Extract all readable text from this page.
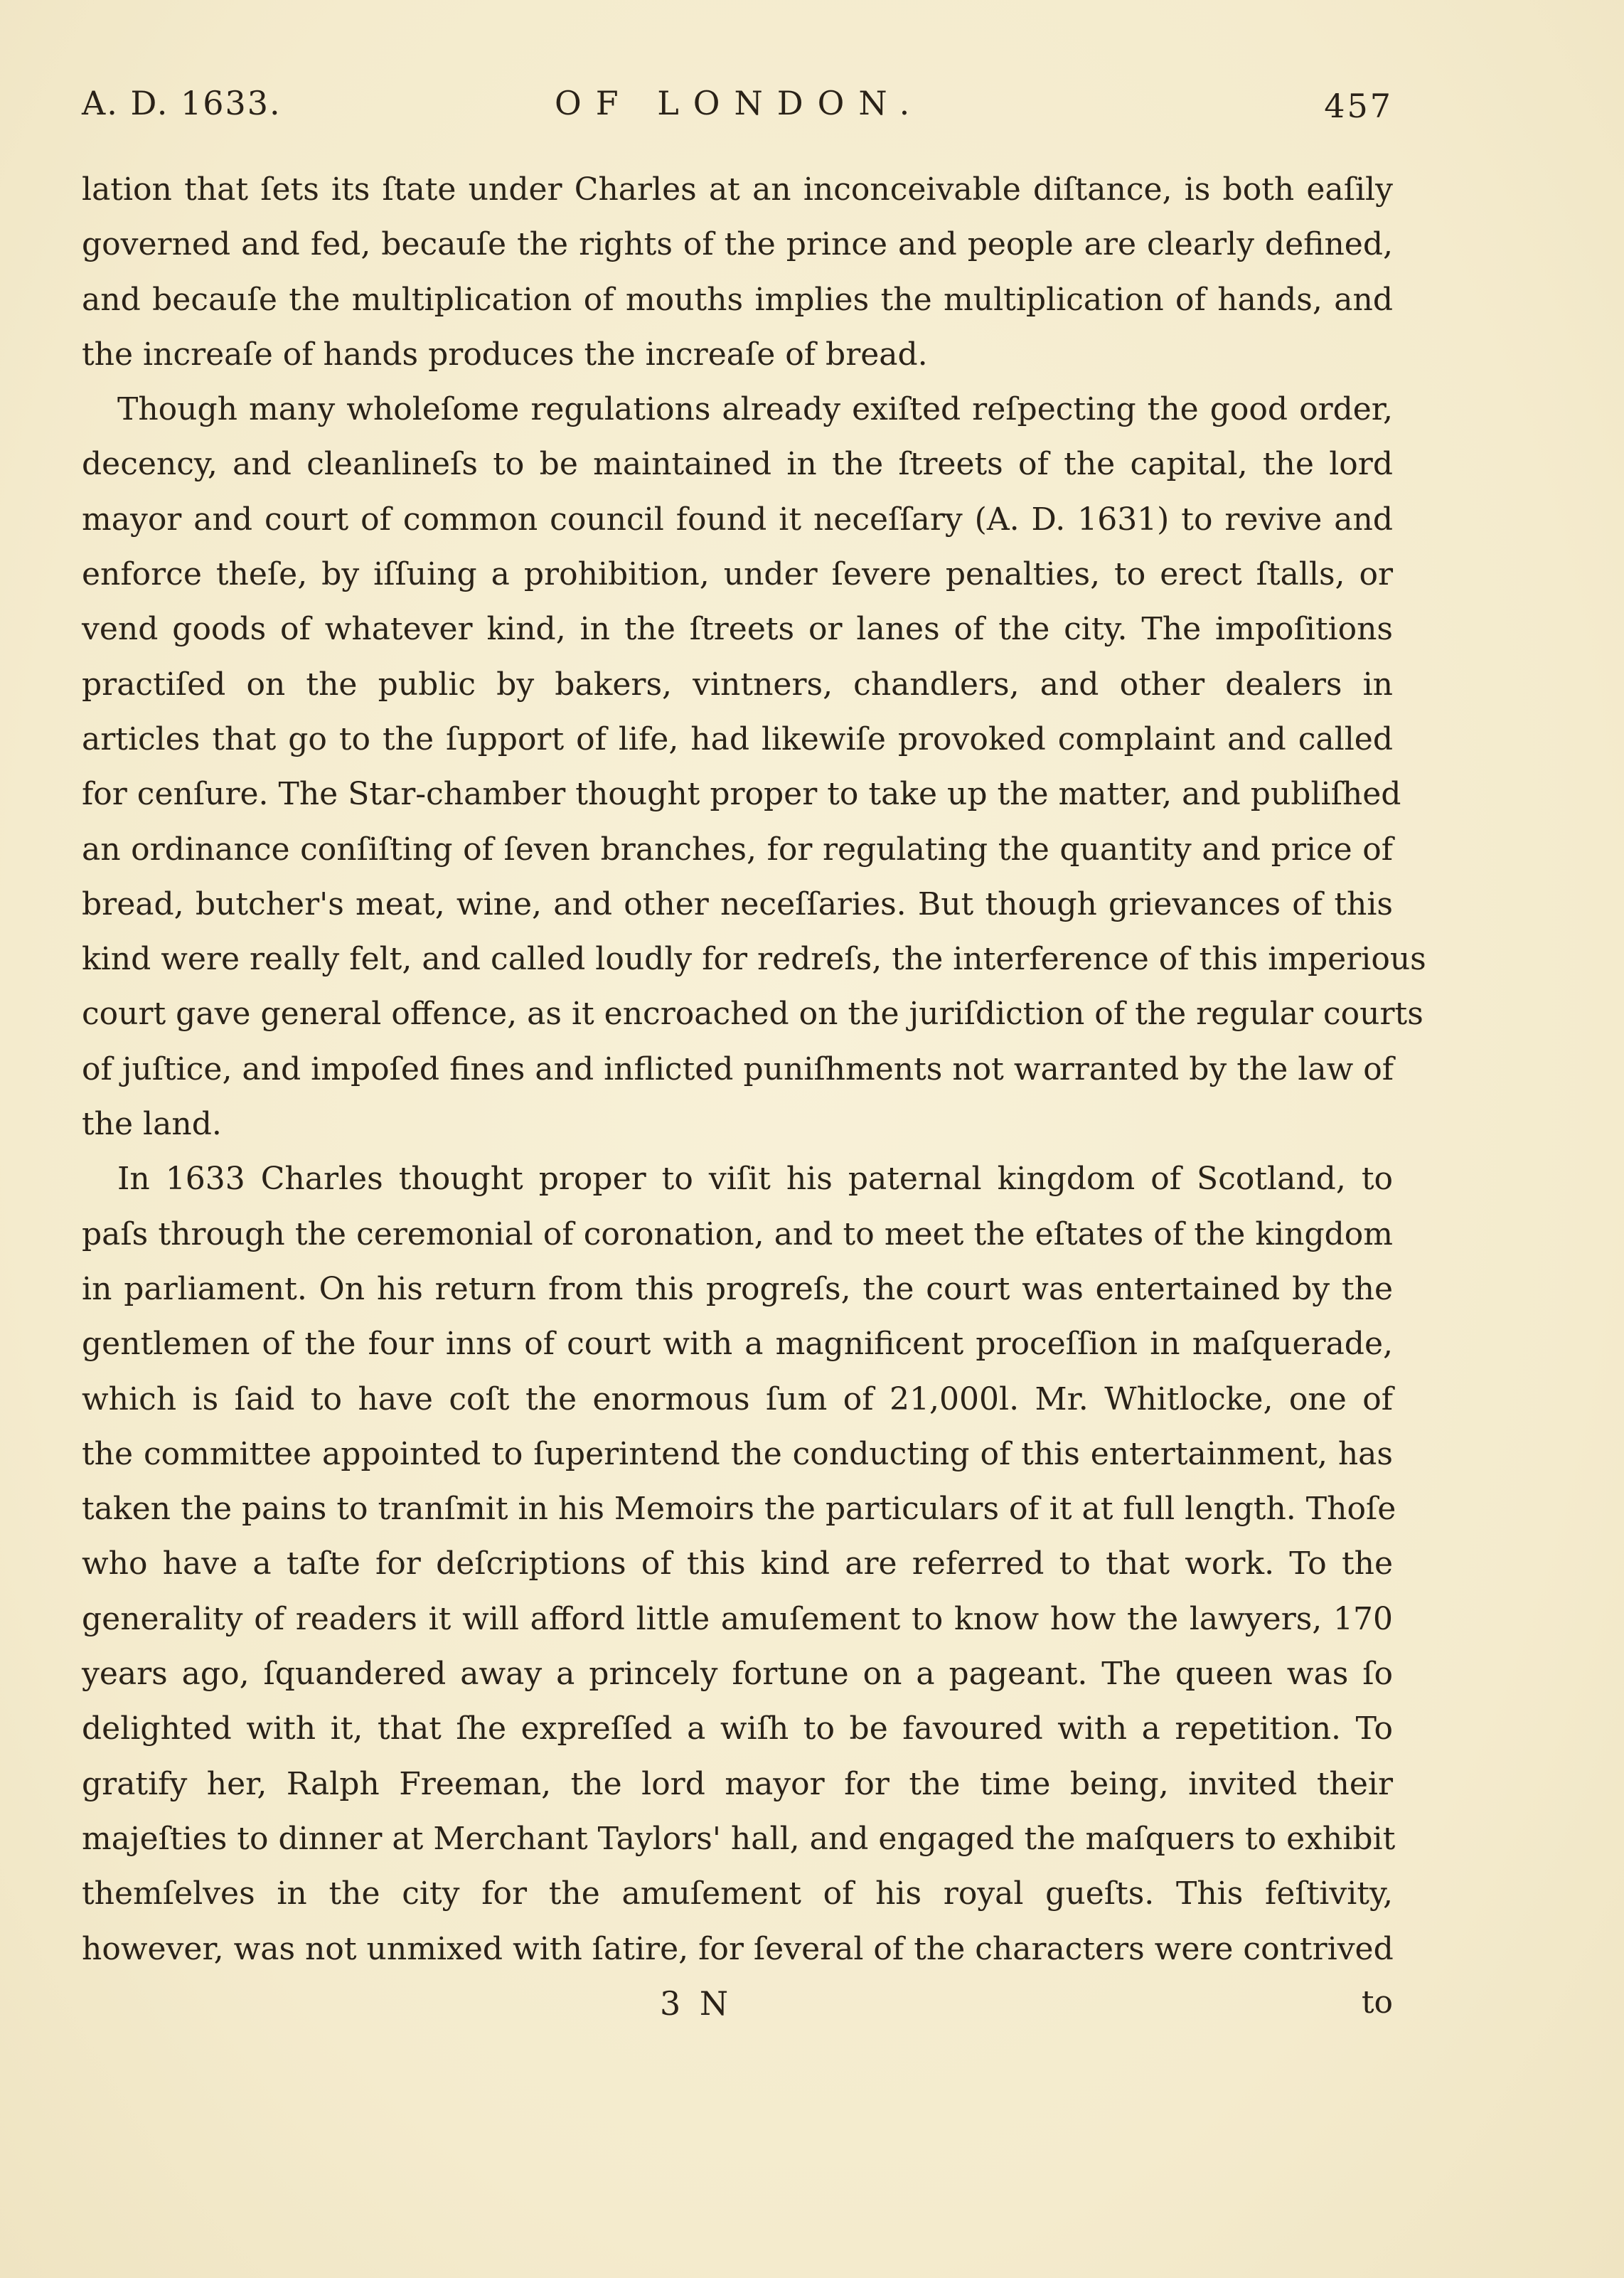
A. D. 1633.	OF LONDON.	457
lation that ſets its ſtate under Charles at an inconceivable diſtance, is both eaſily
governed and fed, becauſe the rights of the prince and people are clearly defined,
and becauſe the multiplication of mouths implies the multiplication of hands, and
the increaſe of hands produces the increaſe of bread.
Though many wholeſome regulations already exiſted reſpecting the good order,
decency, and cleanlineſs to be maintained in the ſtreets of the capital, the lord
mayor and court of common council found it neceſſary (A. D. 1631) to revive and
enforce theſe, by iſſuing a prohibition, under ſevere penalties, to erect ſtalls, or
vend goods of whatever kind, in the ſtreets or lanes of the city. The impoſitions
practiſed on the public by bakers, vintners, chandlers, and other dealers in
articles that go to the ſupport of life, had likewiſe provoked complaint and called
for cenſure. The Star-chamber thought proper to take up the matter, and publiſhed
an ordinance conſiſting of ſeven branches, for regulating the quantity and price of
bread, butcher's meat, wine, and other neceſſaries. But though grievances of this
kind were really felt, and called loudly for redreſs, the interference of this imperious
court gave general offence, as it encroached on the juriſdiction of the regular courts
of juſtice, and impoſed fines and inflicted puniſhments not warranted by the law of
the land.
In 1633 Charles thought proper to viſit his paternal kingdom of Scotland, to
paſs through the ceremonial of coronation, and to meet the eſtates of the kingdom
in parliament. On his return from this progreſs, the court was entertained by the
gentlemen of the four inns of court with a magnificent proceſſion in maſquerade,
which is ſaid to have coſt the enormous ſum of 21,000l. Mr. Whitlocke, one of
the committee appointed to ſuperintend the conducting of this entertainment, has
taken the pains to tranſmit in his Memoirs the particulars of it at full length. Thoſe
who have a taſte for deſcriptions of this kind are referred to that work. To the
generality of readers it will afford little amuſement to know how the lawyers, 170
years ago, ſquandered away a princely fortune on a pageant. The queen was ſo
delighted with it, that ſhe expreſſed a wiſh to be favoured with a repetition. To
gratify her, Ralph Freeman, the lord mayor for the time being, invited their
majeſties to dinner at Merchant Taylors' hall, and engaged the maſquers to exhibit
themſelves in the city for the amuſement of his royal gueſts. This feſtivity,
however, was not unmixed with ſatire, for ſeveral of the characters were contrived
3 N	to
